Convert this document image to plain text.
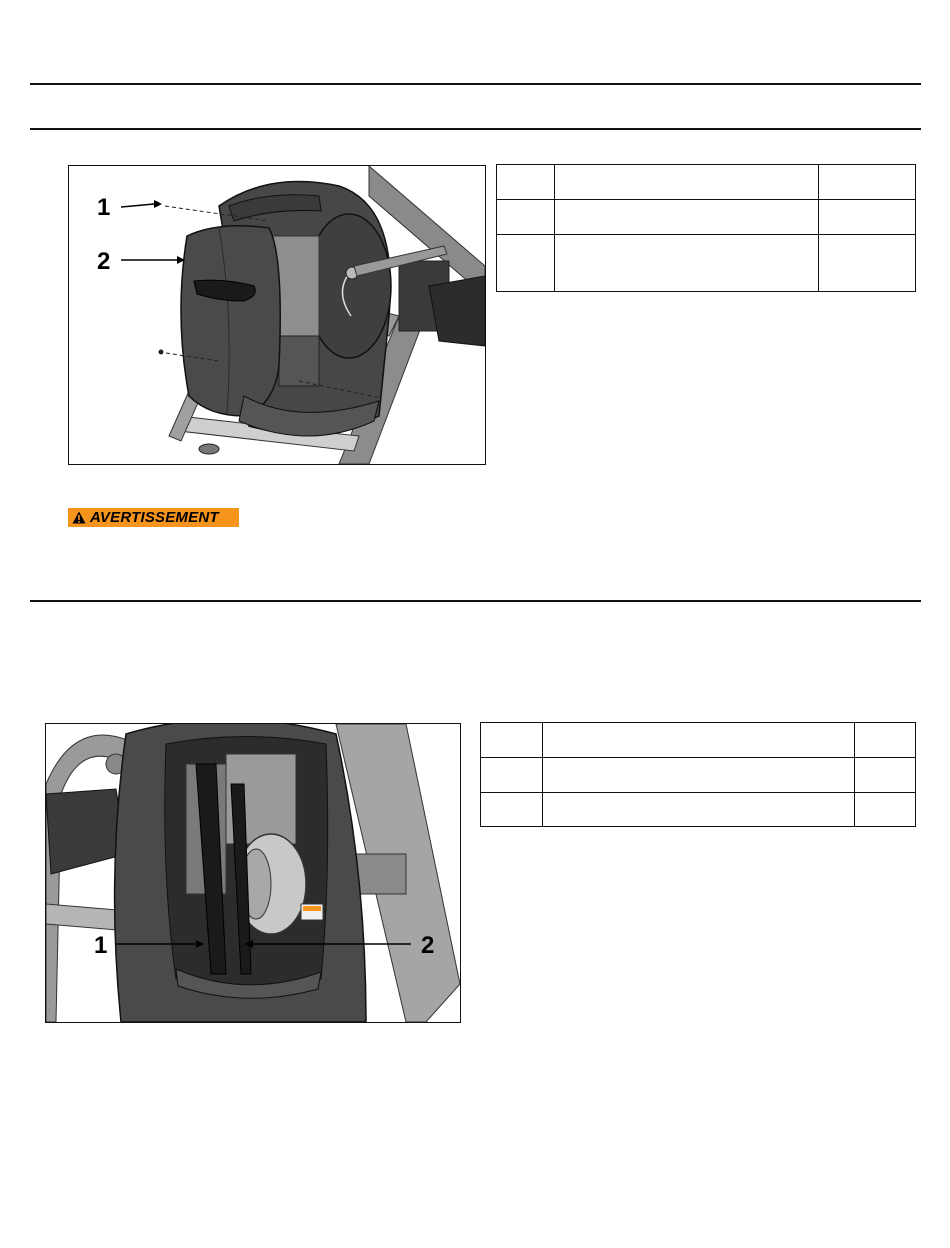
1
2

AVERTISSEMENT
1	2
